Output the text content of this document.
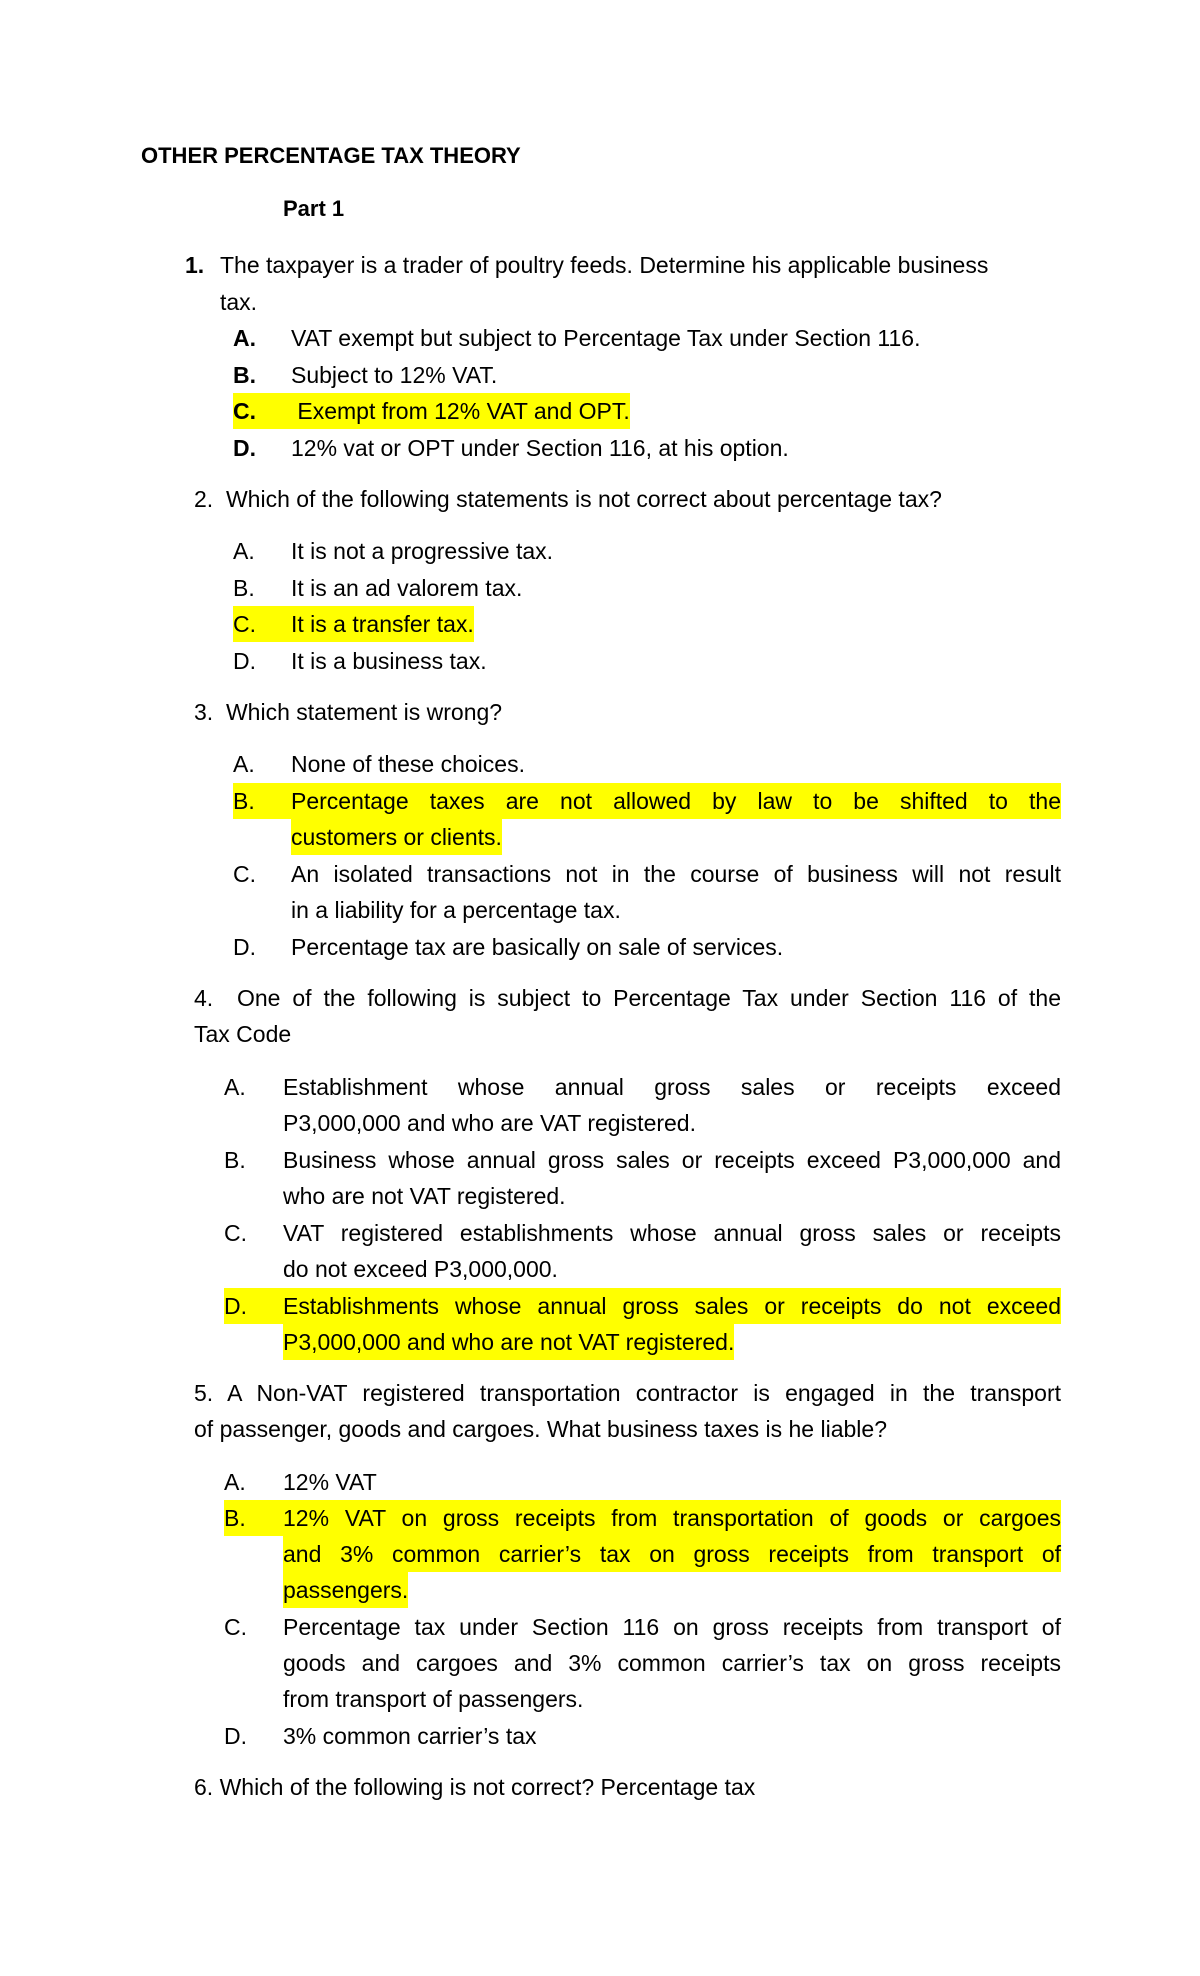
OTHER PERCENTAGE TAX THEORY
Part 1
1. The taxpayer is a trader of poultry feeds. Determine his applicable business
tax.
A. VAT exempt but subject to Percentage Tax under Section 116.
B. Subject to 12% VAT.
C.	Exempt from 12% VAT and OPT.
D. 12% vat or OPT under Section 116, at his option.
2.  Which of the following statements is not correct about percentage tax?
A. It is not a progressive tax.
B. It is an ad valorem tax.
C.	It is a transfer tax.
D. It is a business tax.
3.  Which statement is wrong?
A. None of these choices.
B.	Percentage taxes are not allowed by law to be shifted to the
customers or clients.
C. An isolated transactions not in the course of business will not result
in a liability for a percentage tax.
D. Percentage tax are basically on sale of services.
4.  One of the following is subject to Percentage Tax under Section 116 of the
Tax Code
A. Establishment whose annual gross sales or receipts exceed
P3,000,000 and who are VAT registered.
B. Business whose annual gross sales or receipts exceed P3,000,000 and
who are not VAT registered.
C. VAT registered establishments whose annual gross sales or receipts
do not exceed P3,000,000.
D.	Establishments whose annual gross sales or receipts do not exceed
P3,000,000 and who are not VAT registered.
5. A Non-VAT registered transportation contractor is engaged in the transport
of passenger, goods and cargoes. What business taxes is he liable?
A. 12% VAT
B.	12% VAT on gross receipts from transportation of goods or cargoes
and 3% common carrier’s tax on gross receipts from transport of
passengers.
C. Percentage tax under Section 116 on gross receipts from transport of
goods and cargoes and 3% common carrier’s tax on gross receipts
from transport of passengers.
D. 3% common carrier’s tax
6. Which of the following is not correct? Percentage tax
